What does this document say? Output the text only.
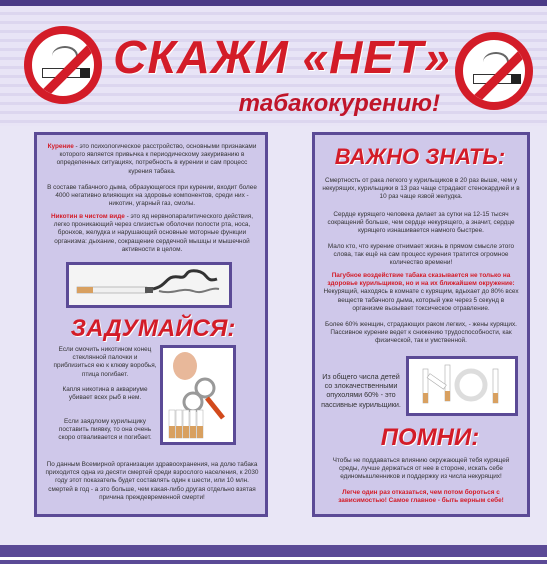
СКАЖИ «НЕТ»
табакокурению!
Курение - это психологическое расстройство, основными признаками которого является привычка к периодическому закуриванию в определенных ситуациях, потребность в курении и сам процесс курения табака.
В составе табачного дыма, образующегося при курении, входит более 4000 негативно влияющих на здоровье компонентов, среди них - никотин, угарный газ, смолы.
Никотин в чистом виде - это яд нервнопаралитического действия, легко проникающий через слизистые оболочки полости рта, носа, бронхов, желудка и нарушающий основные моторные функции организма: дыхание, сокращение сердечной мышцы и мышечной активности в целом.
ЗАДУМАЙСЯ:
Если смочить никотином конец стеклянной палочки и приблизиться ею к клюву воробья, птица погибает.
Капля никотина в аквариуме убивает всех рыб в нем.
Если заядлому курильщику поставить пиявку, то она очень скоро отваливается и погибает.
По данным Всемирной организации здравоохранения, на долю табака приходится одна из десяти смертей среди взрослого населения, к 2030 году этот показатель будет составлять один к шести, или 10 млн. смертей в год - а это больше, чем какая-либо другая отдельно взятая причина преждевременной смерти!
ВАЖНО ЗНАТЬ:
Смертность от рака легкого у курильщиков в 20 раз выше, чем у некурящих, курильщики в 13 раз чаще страдают стенокардией и в 10 раз чаще язвой желудка.
Сердце курящего человека делает за сутки на 12-15 тысяч сокращений больше, чем сердце некурящего, а значит, сердце курящего изнашивается намного быстрее.
Мало кто, что курение отнимает жизнь в прямом смысле этого слова, так ещё на сам процесс курения тратится огромное количество времени!
Пагубное воздействие табака сказывается не только на здоровье курильщиков, но и на их ближайшем окружение: Некурящий, находясь в комнате с курящим, вдыхает до 80% всех веществ табачного дыма, который уже через 5 секунд в организме вызывает токсическое отравление.
Более 60% женщин, страдающих раком легких, - жены курящих. Пассивное курение ведет к снижению трудоспособности, как физической, так и умственной.
Из общего числа детей со злокачественными опухолями 60% - это пассивные курильщики.
ПОМНИ:
Чтобы не поддаваться влиянию окружающей тебя курящей среды, лучше держаться от нее в стороне, искать себе единомышленников и поддержку из числа некурящих!
Легче один раз отказаться, чем потом бороться с зависимостью! Самое главное - быть верным себе!
